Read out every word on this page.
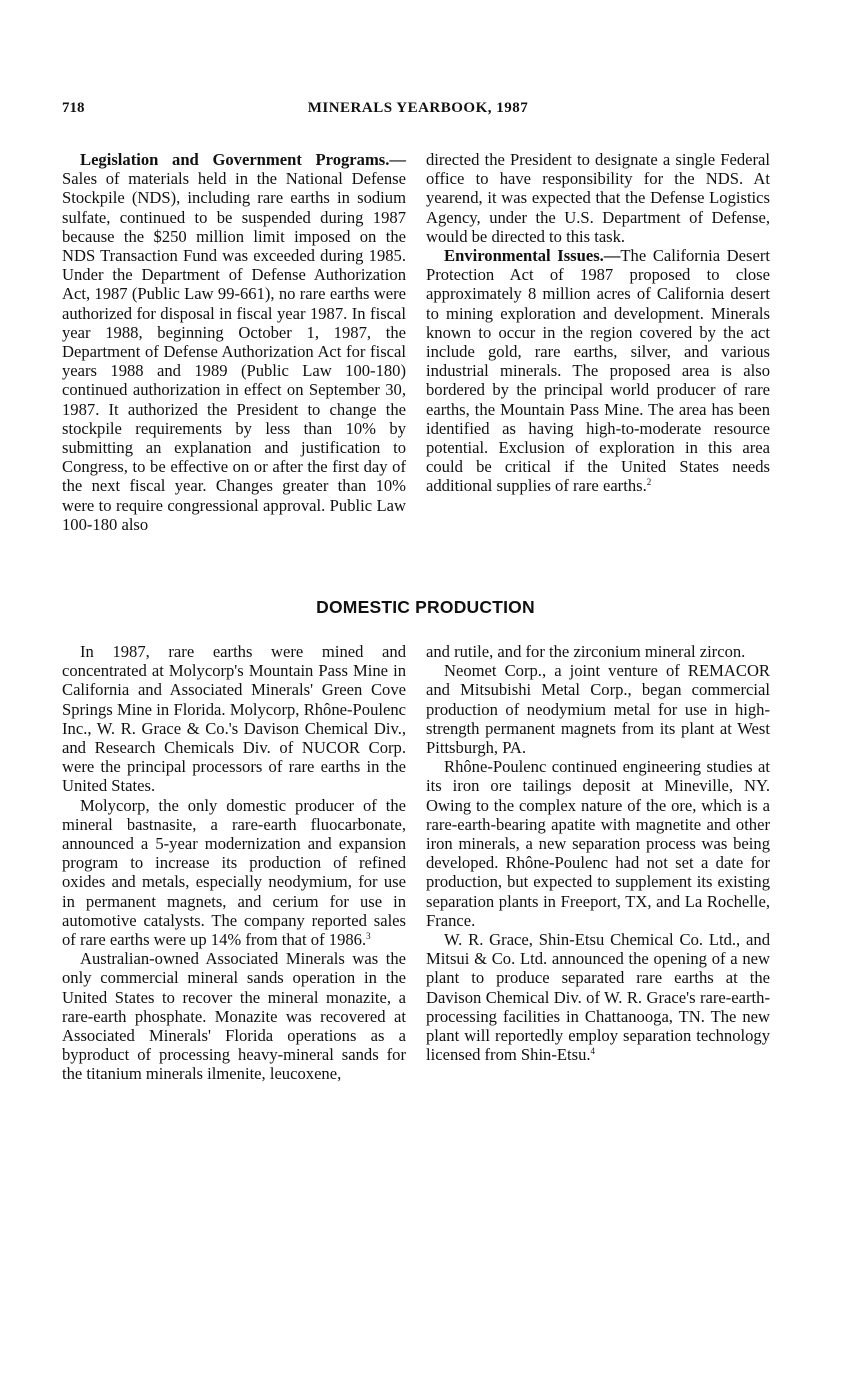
718	MINERALS YEARBOOK, 1987

Legislation and Government Programs.—Sales of materials held in the National Defense Stockpile (NDS), including rare earths in sodium sulfate, continued to be suspended during 1987 because the $250 million limit imposed on the NDS Transaction Fund was exceeded during 1985. Under the Department of Defense Authorization Act, 1987 (Public Law 99-661), no rare earths were authorized for disposal in fiscal year 1987. In fiscal year 1988, beginning October 1, 1987, the Department of Defense Authorization Act for fiscal years 1988 and 1989 (Public Law 100-180) continued authorization in effect on September 30, 1987. It authorized the President to change the stockpile requirements by less than 10% by submitting an explanation and justification to Congress, to be effective on or after the first day of the next fiscal year. Changes greater than 10% were to require congressional approval. Public Law 100-180 also

directed the President to designate a single Federal office to have responsibility for the NDS. At yearend, it was expected that the Defense Logistics Agency, under the U.S. Department of Defense, would be directed to this task.

Environmental Issues.—The California Desert Protection Act of 1987 proposed to close approximately 8 million acres of California desert to mining exploration and development. Minerals known to occur in the region covered by the act include gold, rare earths, silver, and various industrial minerals. The proposed area is also bordered by the principal world producer of rare earths, the Mountain Pass Mine. The area has been identified as having high-to-moderate resource potential. Exclusion of exploration in this area could be critical if the United States needs additional supplies of rare earths.$^2$

DOMESTIC PRODUCTION

In 1987, rare earths were mined and concentrated at Molycorp's Mountain Pass Mine in California and Associated Minerals' Green Cove Springs Mine in Florida. Molycorp, Rhône-Poulenc Inc., W. R. Grace & Co.'s Davison Chemical Div., and Research Chemicals Div. of NUCOR Corp. were the principal processors of rare earths in the United States.

Molycorp, the only domestic producer of the mineral bastnasite, a rare-earth fluocarbonate, announced a 5-year modernization and expansion program to increase its production of refined oxides and metals, especially neodymium, for use in permanent magnets, and cerium for use in automotive catalysts. The company reported sales of rare earths were up 14% from that of 1986.$^3$

Australian-owned Associated Minerals was the only commercial mineral sands operation in the United States to recover the mineral monazite, a rare-earth phosphate. Monazite was recovered at Associated Minerals' Florida operations as a byproduct of processing heavy-mineral sands for the titanium minerals ilmenite, leucoxene,

and rutile, and for the zirconium mineral zircon.

Neomet Corp., a joint venture of REMACOR and Mitsubishi Metal Corp., began commercial production of neodymium metal for use in high-strength permanent magnets from its plant at West Pittsburgh, PA.

Rhône-Poulenc continued engineering studies at its iron ore tailings deposit at Mineville, NY. Owing to the complex nature of the ore, which is a rare-earth-bearing apatite with magnetite and other iron minerals, a new separation process was being developed. Rhône-Poulenc had not set a date for production, but expected to supplement its existing separation plants in Freeport, TX, and La Rochelle, France.

W. R. Grace, Shin-Etsu Chemical Co. Ltd., and Mitsui & Co. Ltd. announced the opening of a new plant to produce separated rare earths at the Davison Chemical Div. of W. R. Grace's rare-earth-processing facilities in Chattanooga, TN. The new plant will reportedly employ separation technology licensed from Shin-Etsu.$^4$
